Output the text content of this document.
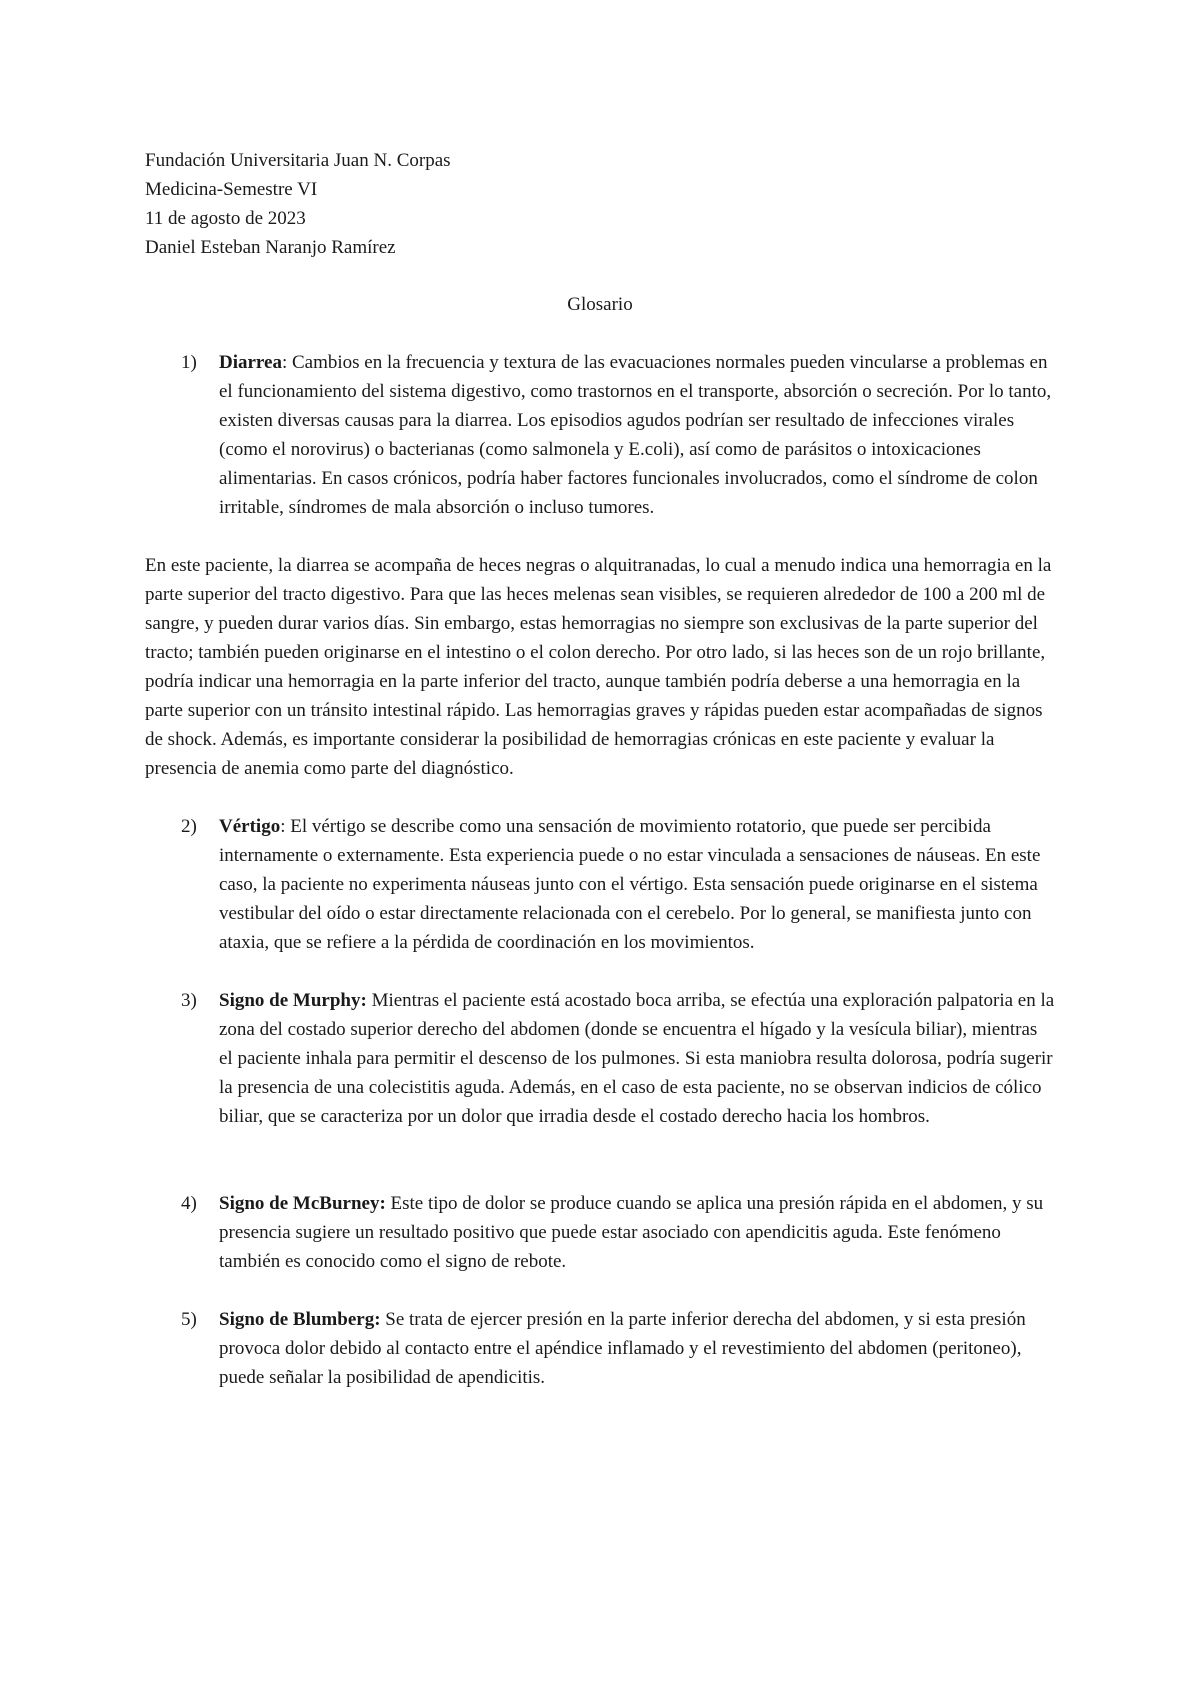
Fundación Universitaria Juan N. Corpas

Medicina-Semestre VI

11 de agosto de 2023

Daniel Esteban Naranjo Ramírez

Glosario

1) Diarrea: Cambios en la frecuencia y textura de las evacuaciones normales pueden vincularse a problemas en el funcionamiento del sistema digestivo, como trastornos en el transporte, absorción o secreción. Por lo tanto, existen diversas causas para la diarrea. Los episodios agudos podrían ser resultado de infecciones virales (como el norovirus) o bacterianas (como salmonela y E.coli), así como de parásitos o intoxicaciones alimentarias. En casos crónicos, podría haber factores funcionales involucrados, como el síndrome de colon irritable, síndromes de mala absorción o incluso tumores.

En este paciente, la diarrea se acompaña de heces negras o alquitranadas, lo cual a menudo indica una hemorragia en la parte superior del tracto digestivo. Para que las heces melenas sean visibles, se requieren alrededor de 100 a 200 ml de sangre, y pueden durar varios días. Sin embargo, estas hemorragias no siempre son exclusivas de la parte superior del tracto; también pueden originarse en el intestino o el colon derecho. Por otro lado, si las heces son de un rojo brillante, podría indicar una hemorragia en la parte inferior del tracto, aunque también podría deberse a una hemorragia en la parte superior con un tránsito intestinal rápido. Las hemorragias graves y rápidas pueden estar acompañadas de signos de shock. Además, es importante considerar la posibilidad de hemorragias crónicas en este paciente y evaluar la presencia de anemia como parte del diagnóstico.

2) Vértigo: El vértigo se describe como una sensación de movimiento rotatorio, que puede ser percibida internamente o externamente. Esta experiencia puede o no estar vinculada a sensaciones de náuseas. En este caso, la paciente no experimenta náuseas junto con el vértigo. Esta sensación puede originarse en el sistema vestibular del oído o estar directamente relacionada con el cerebelo. Por lo general, se manifiesta junto con ataxia, que se refiere a la pérdida de coordinación en los movimientos.
3) Signo de Murphy: Mientras el paciente está acostado boca arriba, se efectúa una exploración palpatoria en la zona del costado superior derecho del abdomen (donde se encuentra el hígado y la vesícula biliar), mientras el paciente inhala para permitir el descenso de los pulmones. Si esta maniobra resulta dolorosa, podría sugerir la presencia de una colecistitis aguda. Además, en el caso de esta paciente, no se observan indicios de cólico biliar, que se caracteriza por un dolor que irradia desde el costado derecho hacia los hombros.
4) Signo de McBurney: Este tipo de dolor se produce cuando se aplica una presión rápida en el abdomen, y su presencia sugiere un resultado positivo que puede estar asociado con apendicitis aguda. Este fenómeno también es conocido como el signo de rebote.
5) Signo de Blumberg: Se trata de ejercer presión en la parte inferior derecha del abdomen, y si esta presión provoca dolor debido al contacto entre el apéndice inflamado y el revestimiento del abdomen (peritoneo), puede señalar la posibilidad de apendicitis.
